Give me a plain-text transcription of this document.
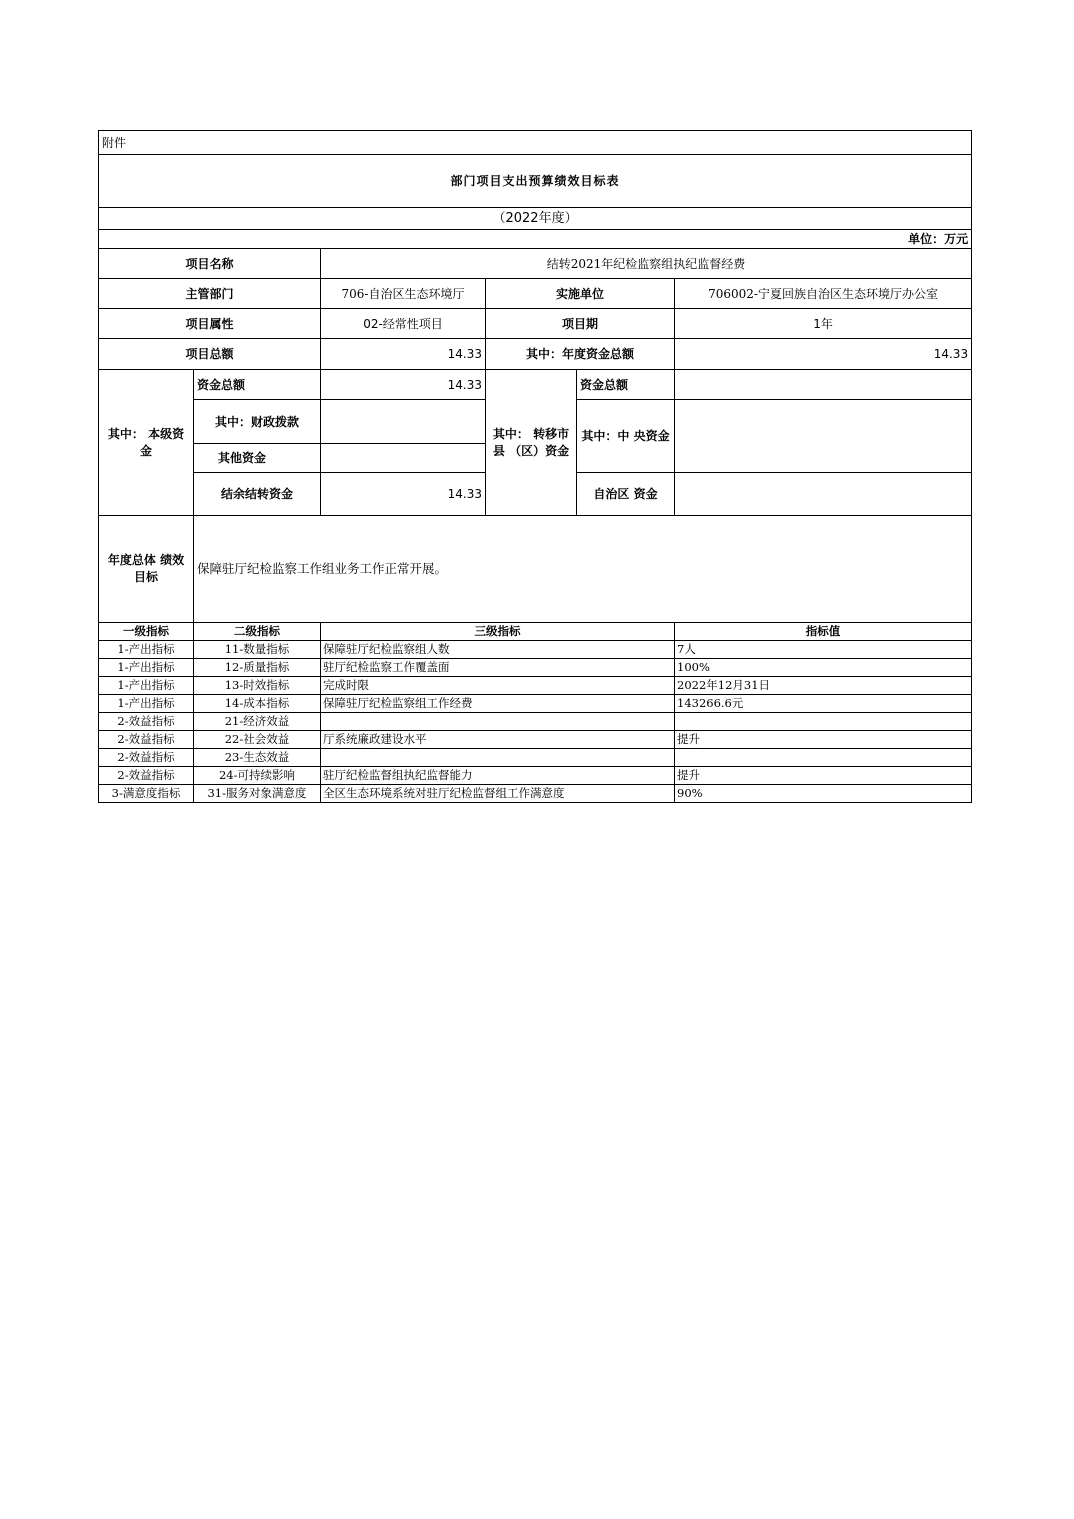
附件					
部门项目支出预算绩效目标表					
（2022年度）					
单位：万元					
项目名称		结转2021年纪检监察组执纪监督经费			
主管部门		706-自治区生态环境厅	实施单位		706002-宁夏回族自治区生态环境厅办公室
项目属性		02-经常性项目	项目期		1年
项目总额		14.33	其中：年度资金总额		14.33
其中： 本级资金	资金总额	14.33	其中： 转移市县 （区）资金	资金总额	
	其中：财政拨款			其中：中 央资金	
	其他资金				
	结余结转资金	14.33		自治区 资金	
年度总体 绩效目标	保障驻厅纪检监察工作组业务工作正常开展。				
一级指标	二级指标	三级指标	指标值
1-产出指标	11-数量指标	保障驻厅纪检监察组人数	7人
1-产出指标	12-质量指标	驻厅纪检监察工作覆盖面	100%
1-产出指标	13-时效指标	完成时限	2022年12月31日
1-产出指标	14-成本指标	保障驻厅纪检监察组工作经费	143266.6元
2-效益指标	21-经济效益		
2-效益指标	22-社会效益	厅系统廉政建设水平	提升
2-效益指标	23-生态效益		
2-效益指标	24-可持续影响	驻厅纪检监督组执纪监督能力	提升
3-满意度指标	31-服务对象满意度	全区生态环境系统对驻厅纪检监督组工作满意度	90%
